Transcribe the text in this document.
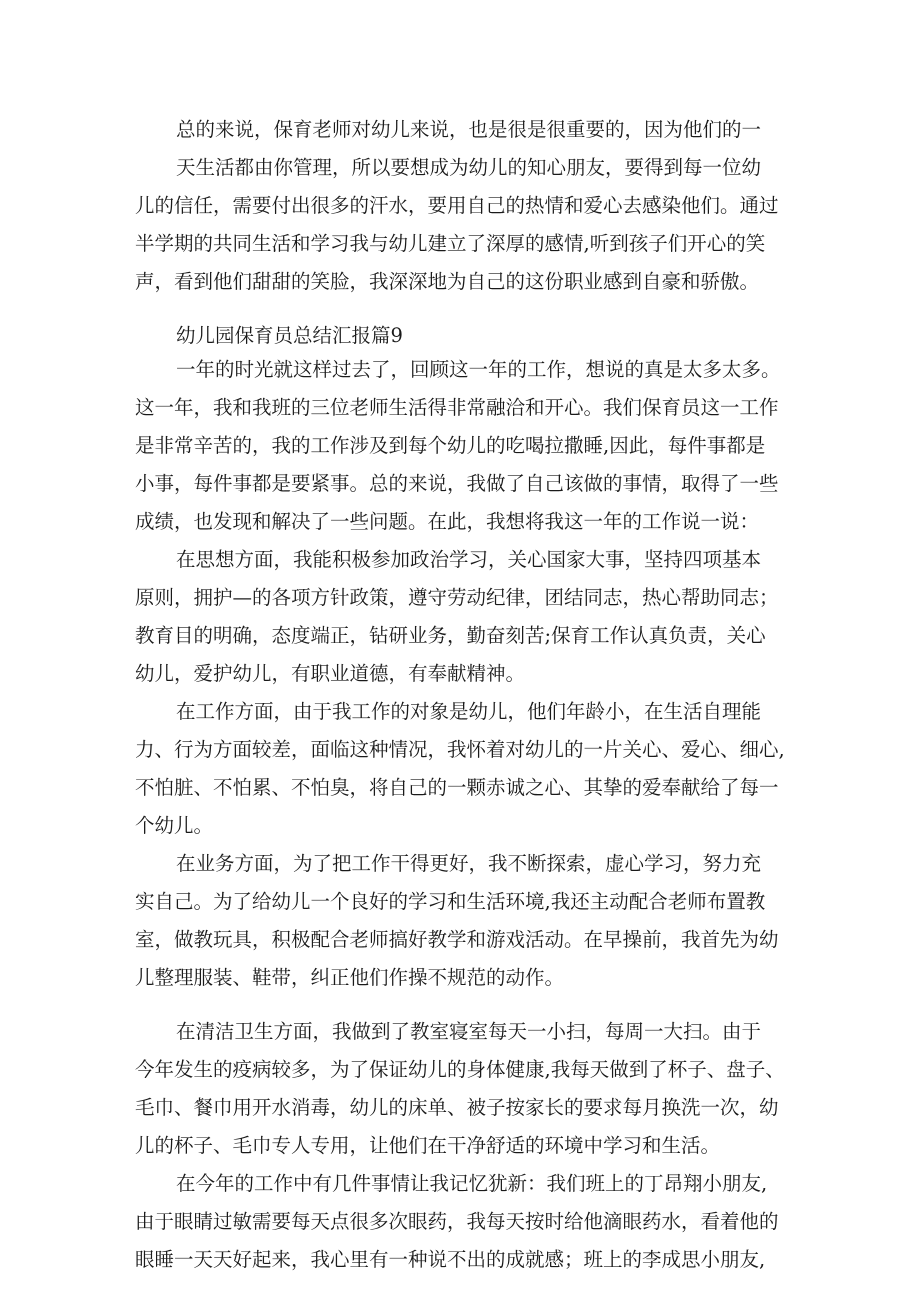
总的来说，保育老师对幼儿来说，也是很是很重要的，因为他们的一
天生活都由你管理，所以要想成为幼儿的知心朋友，要得到每一位幼
儿的信任，需要付出很多的汗水，要用自己的热情和爱心去感染他们。通过
半学期的共同生活和学习我与幼儿建立了深厚的感情,听到孩子们开心的笑
声，看到他们甜甜的笑脸，我深深地为自己的这份职业感到自豪和骄傲。
幼儿园保育员总结汇报篇9
一年的时光就这样过去了，回顾这一年的工作，想说的真是太多太多。
这一年，我和我班的三位老师生活得非常融洽和开心。我们保育员这一工作
是非常辛苦的，我的工作涉及到每个幼儿的吃喝拉撒睡,因此，每件事都是
小事，每件事都是要紧事。总的来说，我做了自己该做的事情，取得了一些
成绩，也发现和解决了一些问题。在此，我想将我这一年的工作说一说：
在思想方面，我能积极参加政治学习，关心国家大事，坚持四项基本
原则，拥护—的各项方针政策，遵守劳动纪律，团结同志，热心帮助同志；
教育目的明确，态度端正，钻研业务，勤奋刻苦;保育工作认真负责，关心
幼儿，爱护幼儿，有职业道德，有奉献精神。
在工作方面，由于我工作的对象是幼儿，他们年龄小，在生活自理能
力、行为方面较差，面临这种情况，我怀着对幼儿的一片关心、爱心、细心,
不怕脏、不怕累、不怕臭，将自己的一颗赤诚之心、其挚的爱奉献给了每一
个幼儿。
在业务方面，为了把工作干得更好，我不断探索，虚心学习，努力充
实自己。为了给幼儿一个良好的学习和生活环境,我还主动配合老师布置教
室，做教玩具，积极配合老师搞好教学和游戏活动。在早操前，我首先为幼
儿整理服装、鞋带，纠正他们作操不规范的动作。
在清洁卫生方面，我做到了教室寝室每天一小扫，每周一大扫。由于
今年发生的疫病较多，为了保证幼儿的身体健康,我每天做到了杯子、盘子、
毛巾、餐巾用开水消毒，幼儿的床单、被子按家长的要求每月换洗一次，幼
儿的杯子、毛巾专人专用，让他们在干净舒适的环境中学习和生活。
在今年的工作中有几件事情让我记忆犹新：我们班上的丁昂翔小朋友,
由于眼睛过敏需要每天点很多次眼药，我每天按时给他滴眼药水，看着他的
眼睡一天天好起来，我心里有一种说不出的成就感；班上的李成思小朋友,
